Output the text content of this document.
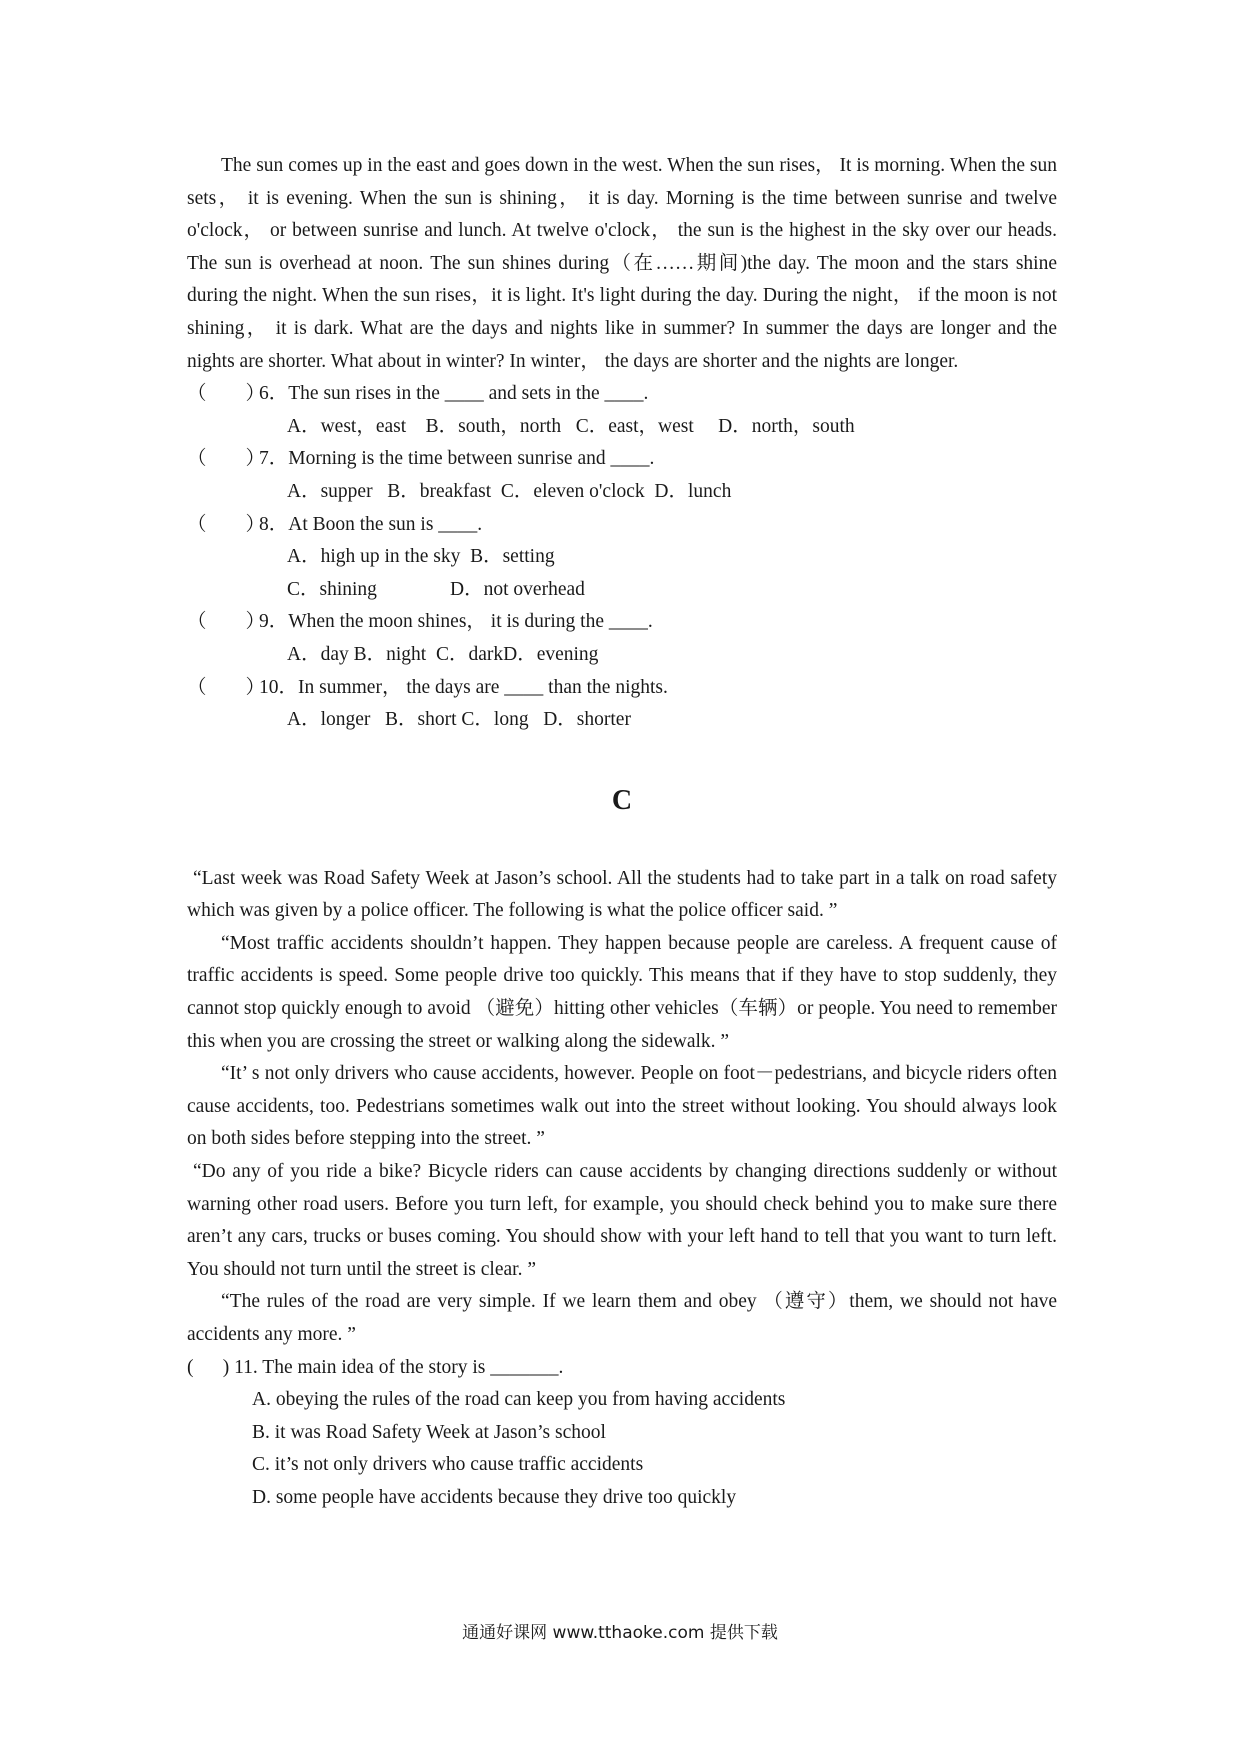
The sun comes up in the east and goes down in the west. When the sun rises， It is morning. When the sun sets， it is evening. When the sun is shining， it is day. Morning is the time between sunrise and twelve o'clock， or between sunrise and lunch. At twelve o'clock， the sun is the highest in the sky over our heads. The sun is overhead at noon. The sun shines during（在……期间)the day. The moon and the stars shine during the night. When the sun rises，it is light. It's light during the day. During the night， if the moon is not shining， it is dark. What are the days and nights like in summer? In summer the days are longer and the nights are shorter. What about in winter? In winter， the days are shorter and the nights are longer.

（　　）6．The sun rises in the ____ and sets in the ____.

A．west，east    B．south，north   C．east，west     D．north，south

（　　）7．Morning is the time between sunrise and ____.

A．supper   B．breakfast  C．eleven o'clock  D．lunch

（　　）8．At Boon the sun is ____.

A．high up in the sky  B．setting

C．shining               D．not overhead

（　　）9．When the moon shines， it is during the ____.

A．day B．night  C．darkD．evening

（　　）10．In summer， the days are ____ than the nights.

A．longer   B．short C．long   D．shorter

C

“Last week was Road Safety Week at Jason’s school. All the students had to take part in a talk on road safety which was given by a police officer. The following is what the police officer said. ”

“Most traffic accidents shouldn’t happen. They happen because people are careless. A frequent cause of traffic accidents is speed. Some people drive too quickly. This means that if they have to stop suddenly, they cannot stop quickly enough to avoid （避免）hitting other vehicles（车辆）or people. You need to remember this when you are crossing the street or walking along the sidewalk. ”

“It’ s not only drivers who cause accidents, however. People on foot－pedestrians, and bicycle riders often cause accidents, too. Pedestrians sometimes walk out into the street without looking. You should always look on both sides before stepping into the street. ”

“Do any of you ride a bike? Bicycle riders can cause accidents by changing directions suddenly or without warning other road users. Before you turn left, for example, you should check behind you to make sure there aren’t any cars, trucks or buses coming. You should show with your left hand to tell that you want to turn left. You should not turn until the street is clear. ”

“The rules of the road are very simple. If we learn them and obey （遵守）them, we should not have accidents any more. ”

(      ) 11. The main idea of the story is _______.

A. obeying the rules of the road can keep you from having accidents

B. it was Road Safety Week at Jason’s school

C. it’s not only drivers who cause traffic accidents

D. some people have accidents because they drive too quickly

通通好课网 www.tthaoke.com 提供下载
